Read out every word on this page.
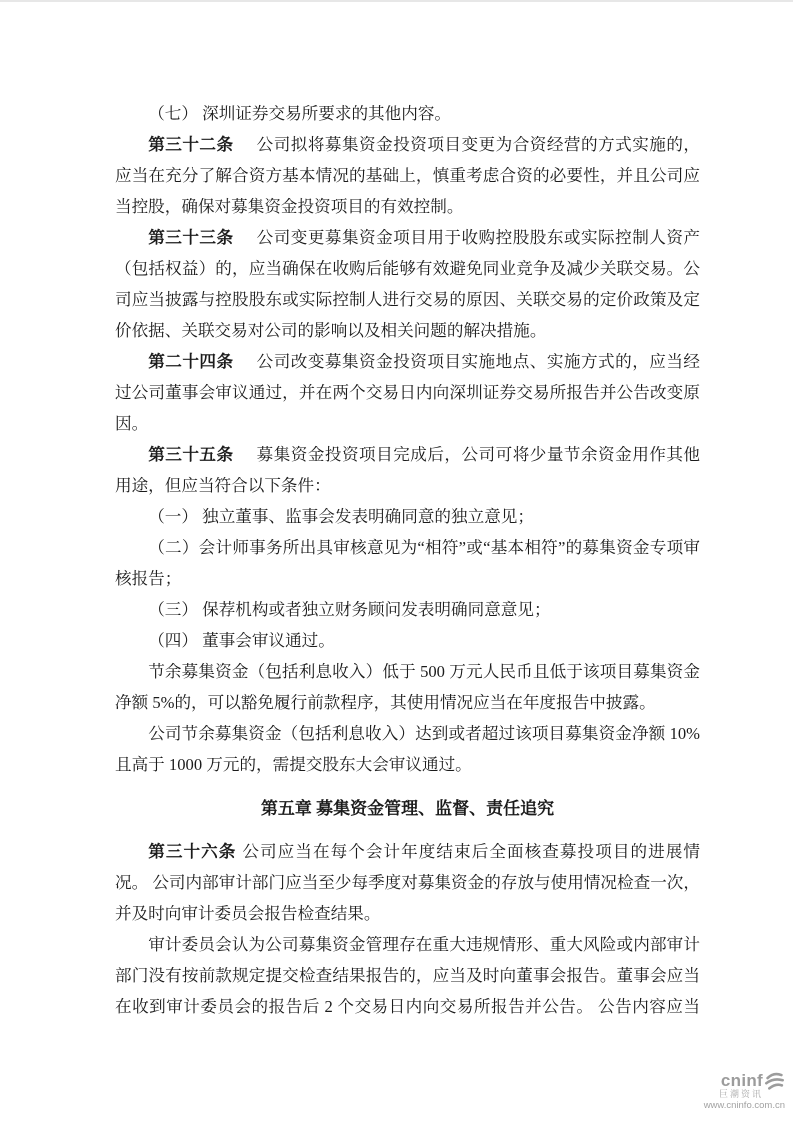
（七） 深圳证券交易所要求的其他内容。

第三十二条　公司拟将募集资金投资项目变更为合资经营的方式实施的，应当在充分了解合资方基本情况的基础上，慎重考虑合资的必要性，并且公司应当控股，确保对募集资金投资项目的有效控制。

第三十三条　公司变更募集资金项目用于收购控股股东或实际控制人资产（包括权益）的，应当确保在收购后能够有效避免同业竞争及减少关联交易。公司应当披露与控股股东或实际控制人进行交易的原因、关联交易的定价政策及定价依据、关联交易对公司的影响以及相关问题的解决措施。

第二十四条　公司改变募集资金投资项目实施地点、实施方式的，应当经过公司董事会审议通过，并在两个交易日内向深圳证券交易所报告并公告改变原因。

第三十五条　募集资金投资项目完成后，公司可将少量节余资金用作其他用途，但应当符合以下条件：

（一） 独立董事、监事会发表明确同意的独立意见；

（二）会计师事务所出具审核意见为“相符”或“基本相符”的募集资金专项审核报告；

（三） 保荐机构或者独立财务顾问发表明确同意意见；

（四） 董事会审议通过。

节余募集资金（包括利息收入）低于 500 万元人民币且低于该项目募集资金净额 5%的，可以豁免履行前款程序，其使用情况应当在年度报告中披露。

公司节余募集资金（包括利息收入）达到或者超过该项目募集资金净额 10%且高于 1000 万元的，需提交股东大会审议通过。

第五章 募集资金管理、监督、责任追究

第三十六条 公司应当在每个会计年度结束后全面核查募投项目的进展情况。 公司内部审计部门应当至少每季度对募集资金的存放与使用情况检查一次，并及时向审计委员会报告检查结果。

审计委员会认为公司募集资金管理存在重大违规情形、重大风险或内部审计部门没有按前款规定提交检查结果报告的，应当及时向董事会报告。董事会应当在收到审计委员会的报告后 2 个交易日内向交易所报告并公告。 公告内容应当

cninf
巨潮资讯
www.cninfo.com.cn
